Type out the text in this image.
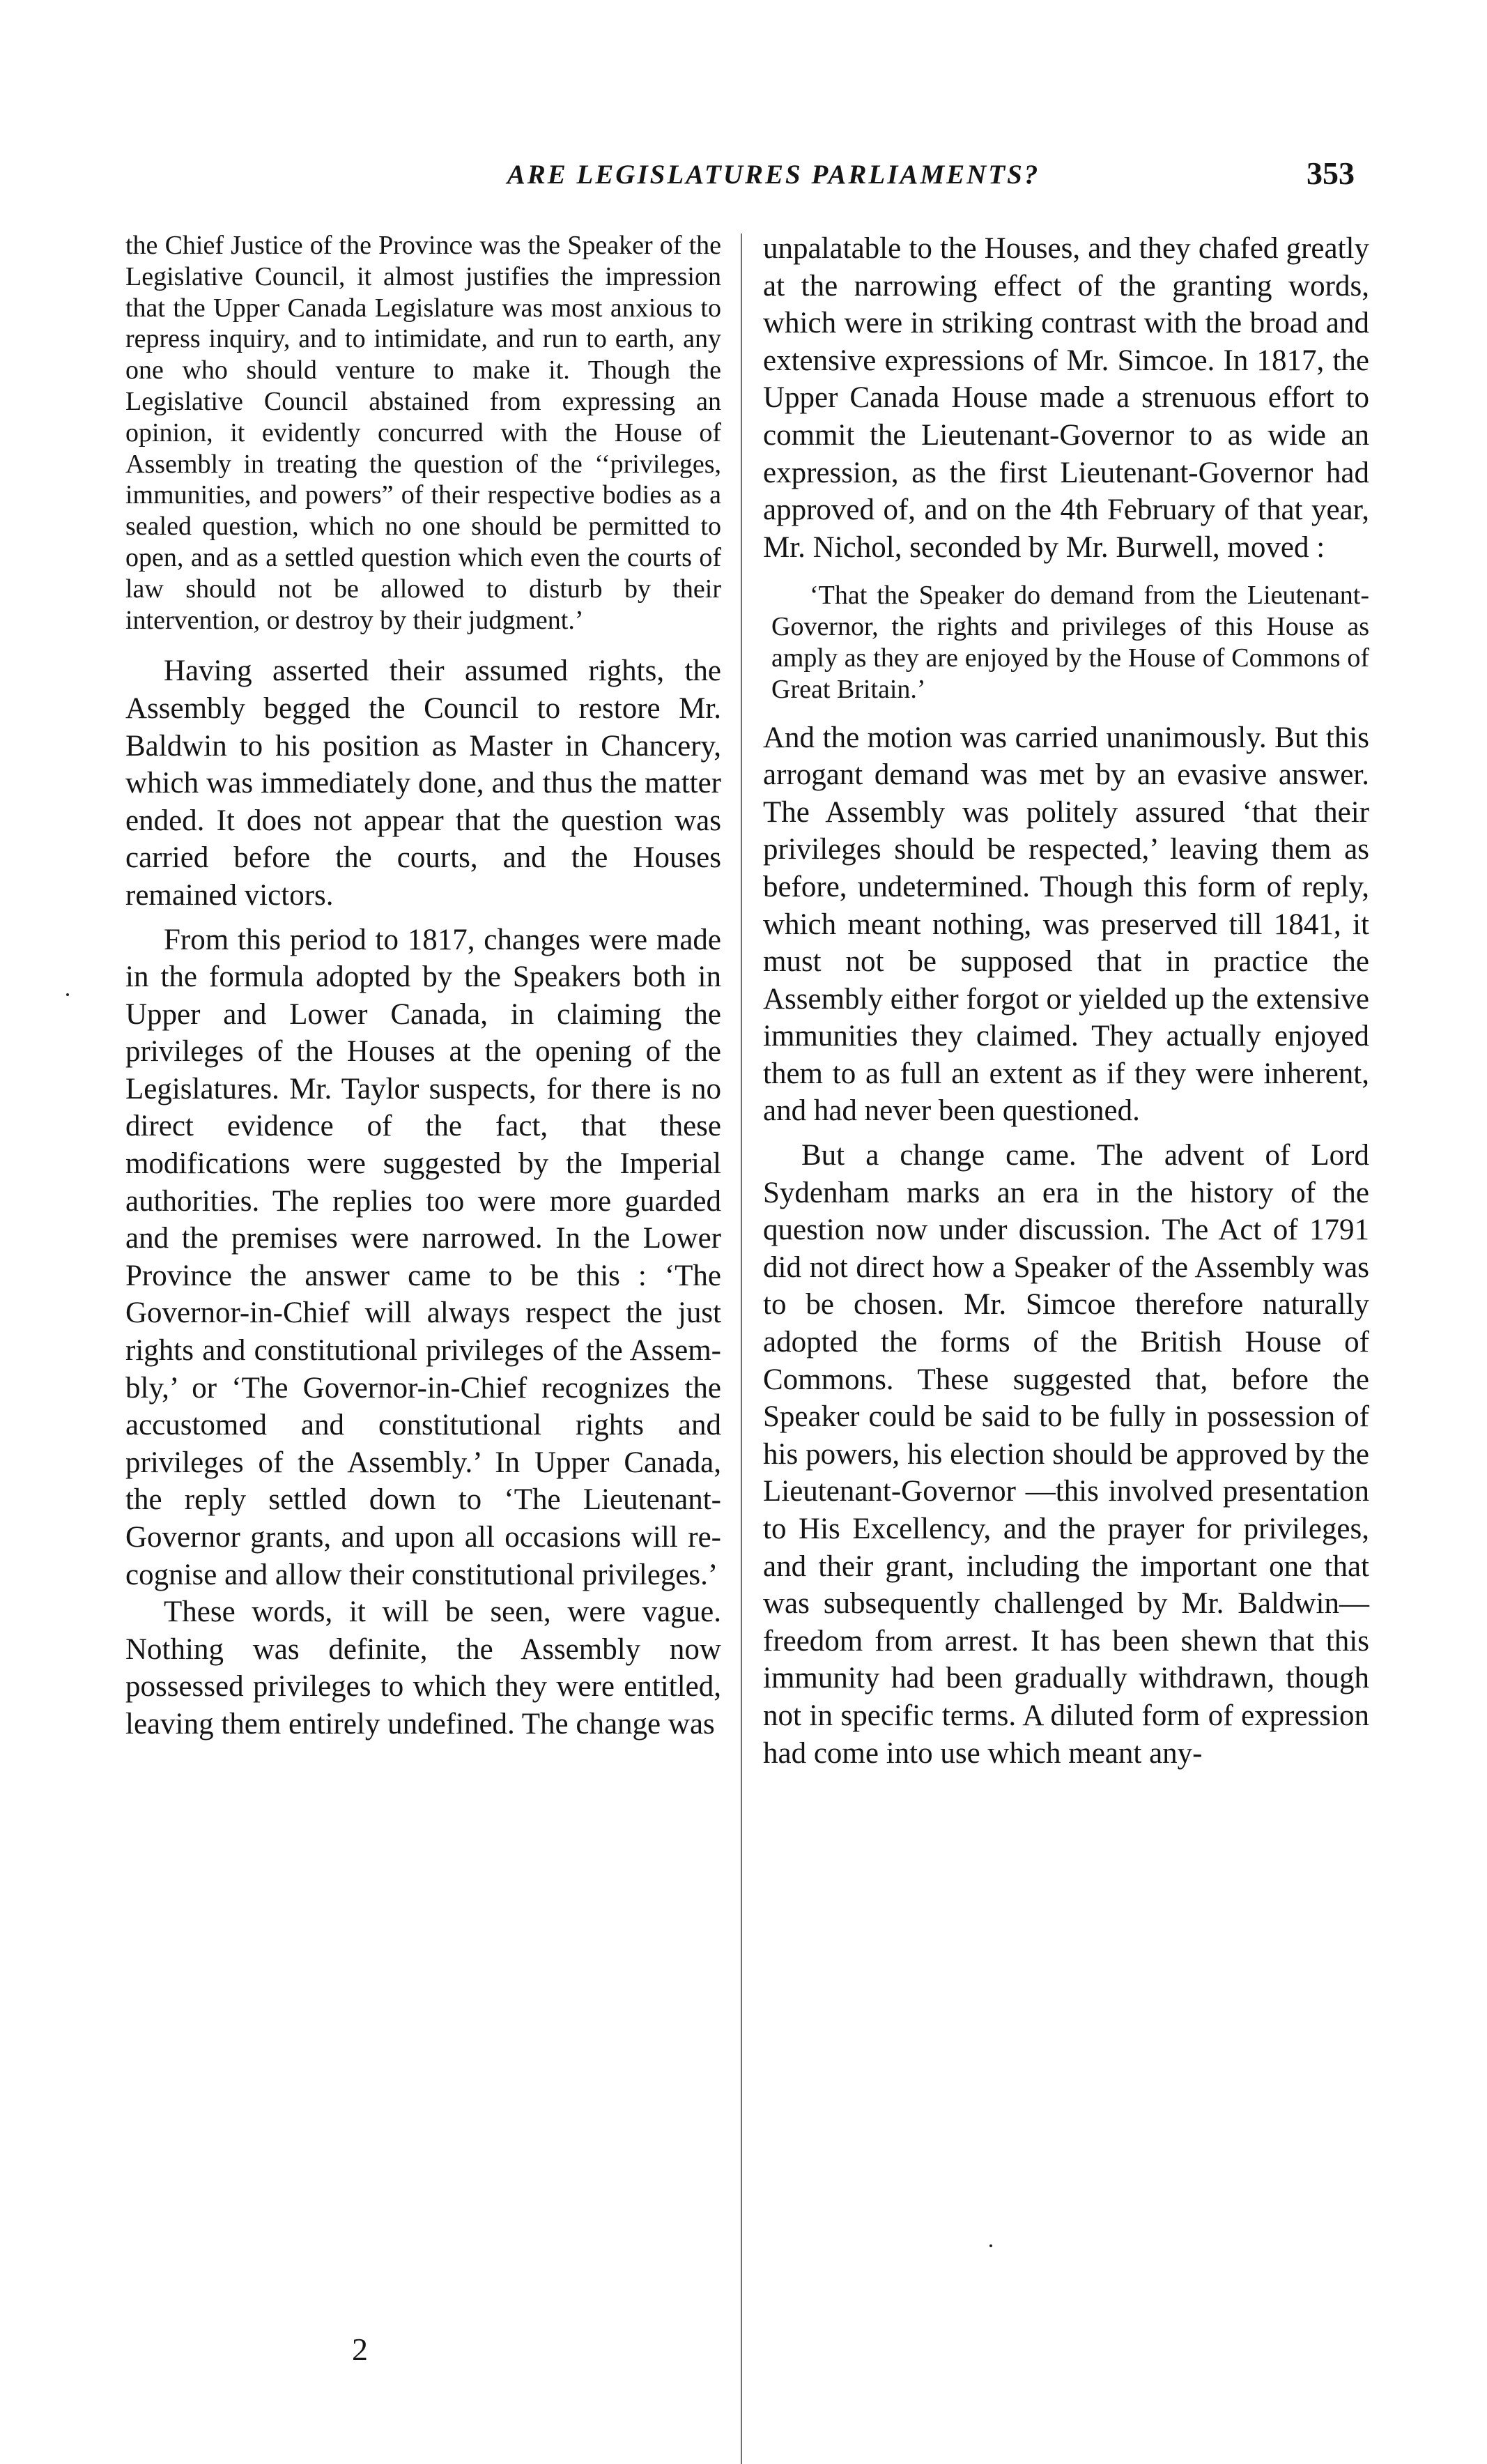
ARE LEGISLATURES PARLIAMENTS?	353

the Chief Justice of the Province was the Speaker of the Legislative Council, it almost justifies the impression that the Upper Canada Legislature was most anxious to repress inquiry, and to intimidate, and run to earth, any one who should venture to make it. Though the Legislative Council abstained from expressing an opinion, it evidently concurred with the House of Assembly in treating the question of the ‘‘privileges, immunities, and powers” of their respective bodies as a sealed question, which no one should be permitted to open, and as a settled question which even the courts of law should not be allowed to disturb by their intervention, or destroy by their judgment.’

Having asserted their assumed rights, the Assembly begged the Council to restore Mr. Baldwin to his position as Master in Chancery, which was immediately done, and thus the matter ended. It does not appear that the question was carried before the courts, and the Houses remained victors.

From this period to 1817, changes were made in the formula adopted by the Speakers both in Upper and Lower Canada, in claiming the privileges of the Houses at the opening of the Legislatures. Mr. Taylor suspects, for there is no direct evidence of the fact, that these modifications were suggested by the Imperial authorities. The replies too were more guarded and the premises were narrowed. In the Lower Province the answer came to be this : ‘The Governor-in-Chief will always respect the just rights and constitutional privileges of the Assembly,’ or ‘The Governor-in-Chief recognizes the accustomed and constitutional rights and privileges of the Assembly.’ In Upper Canada, the reply settled down to ‘The Lieutenant-Governor grants, and upon all occasions will recognise and allow their constitutional privileges.’

These words, it will be seen, were vague. Nothing was definite, the Assembly now possessed privileges to which they were entitled, leaving them entirely undefined. The change was

unpalatable to the Houses, and they chafed greatly at the narrowing effect of the granting words, which were in striking contrast with the broad and extensive expressions of Mr. Simcoe. In 1817, the Upper Canada House made a strenuous effort to commit the Lieutenant-Governor to as wide an expression, as the first Lieutenant-Governor had approved of, and on the 4th February of that year, Mr. Nichol, seconded by Mr. Burwell, moved :

‘That the Speaker do demand from the Lieutenant-Governor, the rights and privileges of this House as amply as they are enjoyed by the House of Commons of Great Britain.’

And the motion was carried unanimously. But this arrogant demand was met by an evasive answer. The Assembly was politely assured ‘that their privileges should be respected,’ leaving them as before, undetermined. Though this form of reply, which meant nothing, was preserved till 1841, it must not be supposed that in practice the Assembly either forgot or yielded up the extensive immunities they claimed. They actually enjoyed them to as full an extent as if they were inherent, and had never been questioned.

But a change came. The advent of Lord Sydenham marks an era in the history of the question now under discussion. The Act of 1791 did not direct how a Speaker of the Assembly was to be chosen. Mr. Simcoe therefore naturally adopted the forms of the British House of Commons. These suggested that, before the Speaker could be said to be fully in possession of his powers, his election should be approved by the Lieutenant-Governor —this involved presentation to His Excellency, and the prayer for privileges, and their grant, including the important one that was subsequently challenged by Mr. Baldwin—freedom from arrest. It has been shewn that this immunity had been gradually withdrawn, though not in specific terms. A diluted form of expression had come into use which meant any-

2
